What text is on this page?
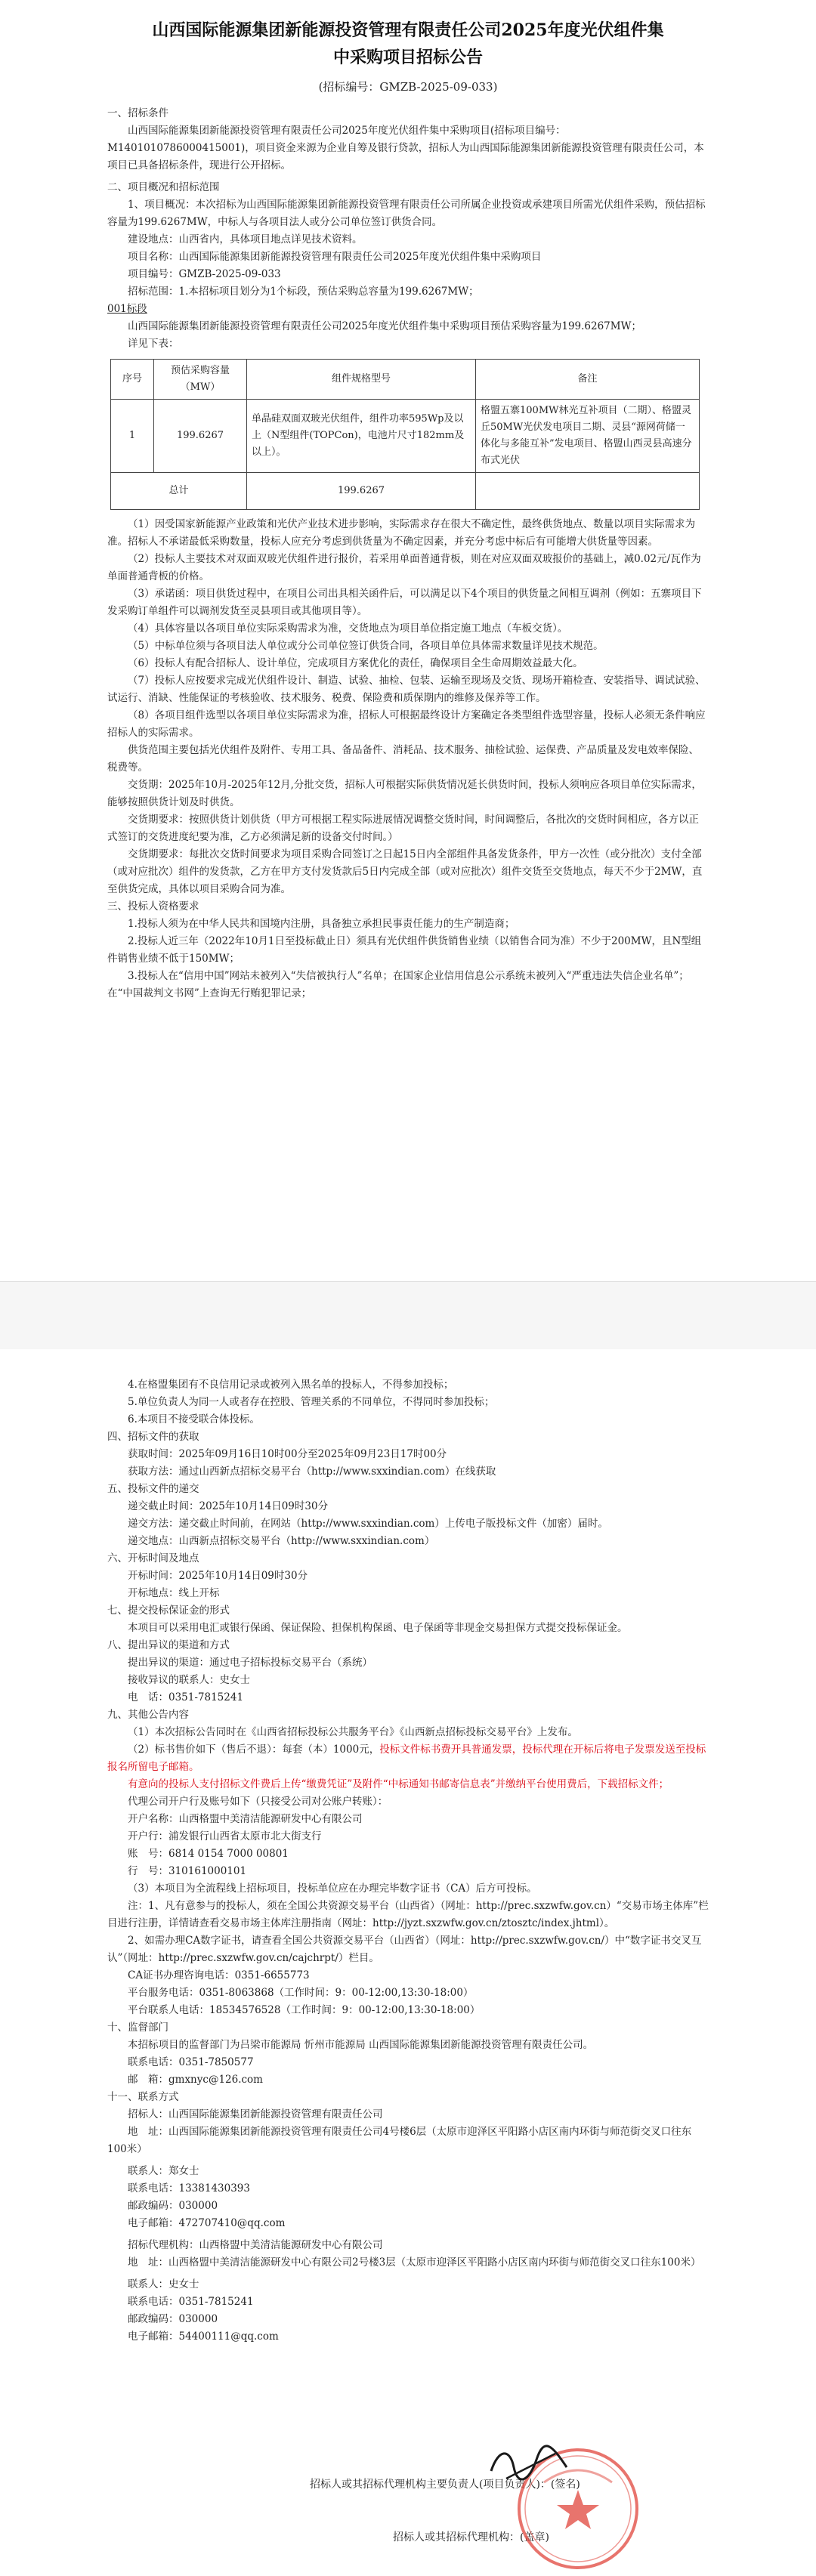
山西国际能源集团新能源投资管理有限责任公司2025年度光伏组件集
中采购项目招标公告
(招标编号：GMZB-2025-09-033)

一、招标条件

山西国际能源集团新能源投资管理有限责任公司2025年度光伏组件集中采购项目(招标项目编号：M1401010786000415001)，项目资金来源为企业自筹及银行贷款，招标人为山西国际能源集团新能源投资管理有限责任公司，本项目已具备招标条件，现进行公开招标。

二、项目概况和招标范围

1、项目概况：本次招标为山西国际能源集团新能源投资管理有限责任公司所属企业投资或承建项目所需光伏组件采购，预估招标容量为199.6267MW，中标人与各项目法人或分公司单位签订供货合同。

建设地点：山西省内，具体项目地点详见技术资料。

项目名称：山西国际能源集团新能源投资管理有限责任公司2025年度光伏组件集中采购项目

项目编号：GMZB-2025-09-033

招标范围：1.本招标项目划分为1个标段，预估采购总容量为199.6267MW；

001标段

山西国际能源集团新能源投资管理有限责任公司2025年度光伏组件集中采购项目预估采购容量为199.6267MW；

详见下表：

序号	预估采购容量（MW）	组件规格型号	备注
1	199.6267	单晶硅双面双玻光伏组件，组件功率595Wp及以上（N型组件(TOPCon)，电池片尺寸182mm及以上）。	格盟五寨100MW林光互补项目（二期）、格盟灵丘50MW光伏发电项目二期、灵县“源网荷储一体化与多能互补”发电项目、格盟山西灵县高速分布式光伏
总计		199.6267	

（1）因受国家新能源产业政策和光伏产业技术进步影响，实际需求存在很大不确定性，最终供货地点、数量以项目实际需求为准。招标人不承诺最低采购数量，投标人应充分考虑到供货量为不确定因素，并充分考虑中标后有可能增大供货量等因素。

（2）投标人主要技术对双面双玻光伏组件进行报价，若采用单面普通背板，则在对应双面双玻报价的基础上，减0.02元/瓦作为单面普通背板的价格。

（3）承诺函：项目供货过程中，在项目公司出具相关函件后，可以满足以下4个项目的供货量之间相互调剂（例如：五寨项目下发采购订单组件可以调剂发货至灵县项目或其他项目等）。

（4）具体容量以各项目单位实际采购需求为准，交货地点为项目单位指定施工地点（车板交货）。

（5）中标单位须与各项目法人单位或分公司单位签订供货合同，各项目单位具体需求数量详见技术规范。

（6）投标人有配合招标人、设计单位，完成项目方案优化的责任，确保项目全生命周期效益最大化。

（7）投标人应按要求完成光伏组件设计、制造、试验、抽检、包装、运输至现场及交货、现场开箱检查、安装指导、调试试验、试运行、消缺、性能保证的考核验收、技术服务、税费、保险费和质保期内的维修及保养等工作。

（8）各项目组件选型以各项目单位实际需求为准，招标人可根据最终设计方案确定各类型组件选型容量，投标人必须无条件响应招标人的实际需求。

供货范围主要包括光伏组件及附件、专用工具、备品备件、消耗品、技术服务、抽检试验、运保费、产品质量及发电效率保险、税费等。

交货期：2025年10月-2025年12月,分批交货，招标人可根据实际供货情况延长供货时间，投标人须响应各项目单位实际需求，能够按照供货计划及时供货。

交货期要求：按照供货计划供货（甲方可根据工程实际进展情况调整交货时间，时间调整后，各批次的交货时间相应，各方以正式签订的交货进度纪要为准，乙方必须满足新的设备交付时间。）

交货期要求：每批次交货时间要求为项目采购合同签订之日起15日内全部组件具备发货条件，甲方一次性（或分批次）支付全部（或对应批次）组件的发货款，乙方在甲方支付发货款后5日内完成全部（或对应批次）组件交货至交货地点，每天不少于2MW，直至供货完成，具体以项目采购合同为准。

三、投标人资格要求

1.投标人须为在中华人民共和国境内注册，具备独立承担民事责任能力的生产制造商；

2.投标人近三年（2022年10月1日至投标截止日）须具有光伏组件供货销售业绩（以销售合同为准）不少于200MW，且N型组件销售业绩不低于150MW；

3.投标人在“信用中国”网站未被列入“失信被执行人”名单；在国家企业信用信息公示系统未被列入“严重违法失信企业名单”；在“中国裁判文书网”上查询无行贿犯罪记录；

4.在格盟集团有不良信用记录或被列入黑名单的投标人，不得参加投标；

5.单位负责人为同一人或者存在控股、管理关系的不同单位，不得同时参加投标；

6.本项目不接受联合体投标。

四、招标文件的获取

获取时间：2025年09月16日10时00分至2025年09月23日17时00分

获取方法：通过山西新点招标交易平台（http://www.sxxindian.com）在线获取

五、投标文件的递交

递交截止时间：2025年10月14日09时30分

递交方法：递交截止时间前，在网站（http://www.sxxindian.com）上传电子版投标文件（加密）届时。

递交地点：山西新点招标交易平台（http://www.sxxindian.com）

六、开标时间及地点

开标时间：2025年10月14日09时30分

开标地点：线上开标

七、提交投标保证金的形式

本项目可以采用电汇或银行保函、保证保险、担保机构保函、电子保函等非现金交易担保方式提交投标保证金。

八、提出异议的渠道和方式

提出异议的渠道：通过电子招标投标交易平台（系统）

接收异议的联系人：史女士

电　话：0351-7815241

九、其他公告内容

（1）本次招标公告同时在《山西省招标投标公共服务平台》《山西新点招标投标交易平台》上发布。

（2）标书售价如下（售后不退）：每套（本）1000元，投标文件标书费开具普通发票，投标代理在开标后将电子发票发送至投标报名所留电子邮箱。

有意向的投标人支付招标文件费后上传“缴费凭证”及附件“中标通知书邮寄信息表”并缴纳平台使用费后，下载招标文件；

代理公司开户行及账号如下（只接受公司对公账户转账）：

开户名称：山西格盟中美清洁能源研发中心有限公司

开户行：浦发银行山西省太原市北大街支行

账　号：6814 0154 7000 00801

行　号：310161000101

（3）本项目为全流程线上招标项目，投标单位应在办理完毕数字证书（CA）后方可投标。

注：1、凡有意参与的投标人，须在全国公共资源交易平台（山西省）（网址：http://prec.sxzwfw.gov.cn）“交易市场主体库”栏目进行注册，详情请查看交易市场主体库注册指南（网址：http://jyzt.sxzwfw.gov.cn/ztosztc/index.jhtml）。

2、如需办理CA数字证书，请查看全国公共资源交易平台（山西省）（网址：http://prec.sxzwfw.gov.cn/）中“数字证书交叉互认”（网址：http://prec.sxzwfw.gov.cn/cajchrpt/）栏目。

CA证书办理咨询电话：0351-6655773

平台服务电话：0351-8063868（工作时间：9：00-12:00,13:30-18:00）

平台联系人电话：18534576528（工作时间：9：00-12:00,13:30-18:00）

十、监督部门

本招标项目的监督部门为吕梁市能源局 忻州市能源局 山西国际能源集团新能源投资管理有限责任公司。

联系电话：0351-7850577

邮　箱：gmxnyc@126.com

十一、联系方式

招标人：山西国际能源集团新能源投资管理有限责任公司

地　址：山西国际能源集团新能源投资管理有限责任公司4号楼6层（太原市迎泽区平阳路小店区南内环街与师范街交叉口往东100米）

联系人：郑女士

联系电话：13381430393

邮政编码：030000

电子邮箱：472707410@qq.com

招标代理机构：山西格盟中美清洁能源研发中心有限公司

地　址：山西格盟中美清洁能源研发中心有限公司2号楼3层（太原市迎泽区平阳路小店区南内环街与师范街交叉口往东100米）

联系人：史女士

联系电话：0351-7815241

邮政编码：030000

电子邮箱：54400111@qq.com

招标人或其招标代理机构主要负责人(项目负责人)：(签名)
招标人或其招标代理机构：(盖章)
